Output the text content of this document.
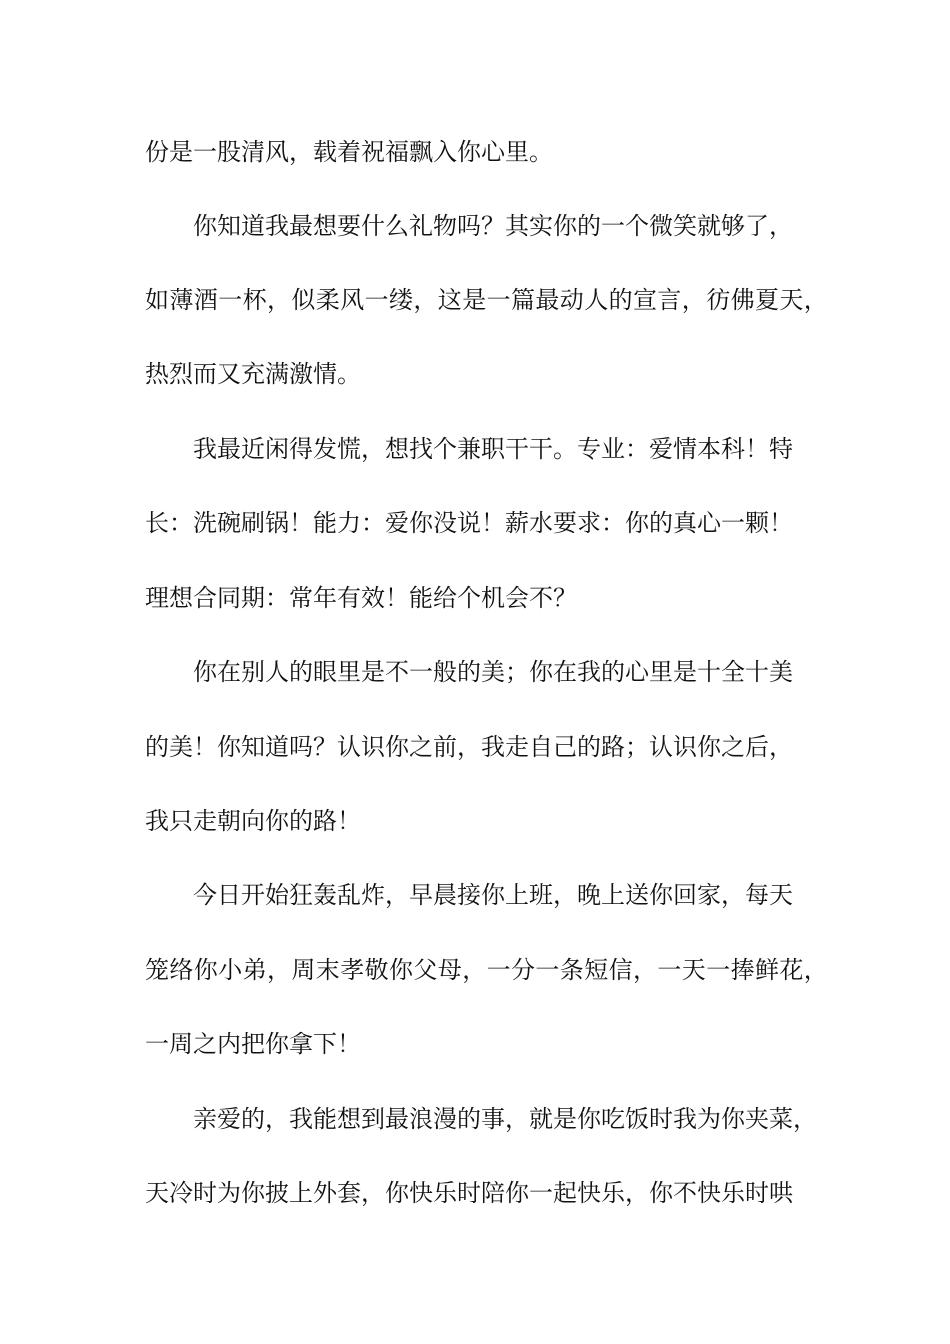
份是一股清风，载着祝福飘入你心里。
你知道我最想要什么礼物吗？其实你的一个微笑就够了，
如薄酒一杯，似柔风一缕，这是一篇最动人的宣言，彷佛夏天，
热烈而又充满激情。
我最近闲得发慌，想找个兼职干干。专业：爱情本科！特
长：洗碗刷锅！能力：爱你没说！薪水要求：你的真心一颗！
理想合同期：常年有效！能给个机会不？
你在别人的眼里是不一般的美；你在我的心里是十全十美
的美！你知道吗？认识你之前，我走自己的路；认识你之后，
我只走朝向你的路！
今日开始狂轰乱炸，早晨接你上班，晚上送你回家，每天
笼络你小弟，周末孝敬你父母，一分一条短信，一天一捧鲜花，
一周之内把你拿下！
亲爱的，我能想到最浪漫的事，就是你吃饭时我为你夹菜，
天冷时为你披上外套，你快乐时陪你一起快乐，你不快乐时哄
